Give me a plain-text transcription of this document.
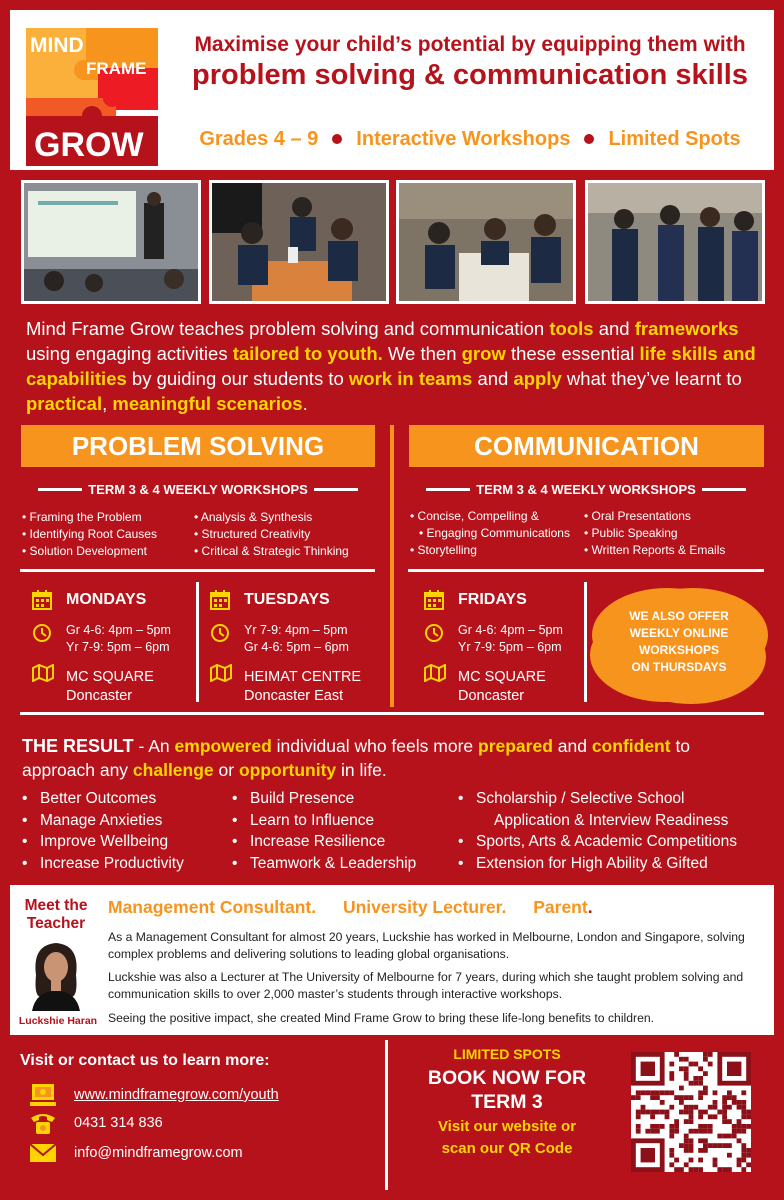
MIND
FRAME
GROW
Maximise your child’s potential by equipping them with
problem solving & communication skills
Grades 4 – 9 Interactive Workshops Limited Spots
Mind Frame Grow teaches problem solving and communication tools and frameworks using engaging activities tailored to youth. We then grow these essential life skills and capabilities by guiding our students to work in teams and apply what they’ve learnt to practical, meaningful scenarios.
PROBLEM SOLVING
TERM 3 & 4 WEEKLY WORKSHOPS
• Framing the Problem
• Identifying Root Causes
• Solution Development
• Analysis & Synthesis
• Structured Creativity
• Critical & Strategic Thinking
COMMUNICATION
TERM 3 & 4 WEEKLY WORKSHOPS
• Concise, Compelling &
• Engaging Communications
• Storytelling
• Oral Presentations
• Public Speaking
• Written Reports & Emails
MONDAYS
Gr 4-6: 4pm – 5pm
Yr 7-9: 5pm – 6pm
MC SQUARE
Doncaster
TUESDAYS
Yr 7-9: 4pm – 5pm
Gr 4-6: 5pm – 6pm
HEIMAT CENTRE
Doncaster East
FRIDAYS
Gr 4-6: 4pm – 5pm
Yr 7-9: 5pm – 6pm
MC SQUARE
Doncaster
WE ALSO OFFER
WEEKLY ONLINE
WORKSHOPS
ON THURSDAYS
THE RESULT - An empowered individual who feels more prepared and confident to approach any challenge or opportunity in life.
• Better Outcomes
• Manage Anxieties
• Improve Wellbeing
• Increase Productivity
• Build Presence
• Learn to Influence
• Increase Resilience
• Teamwork & Leadership
• Scholarship / Selective School
Application & Interview Readiness
• Sports, Arts & Academic Competitions
• Extension for High Ability & Gifted
Meet the Teacher
Luckshie Haran
Management Consultant. University Lecturer. Parent.
As a Management Consultant for almost 20 years, Luckshie has worked in Melbourne, London and Singapore, solving complex problems and delivering solutions to leading global organisations.
Luckshie was also a Lecturer at The University of Melbourne for 7 years, during which she taught problem solving and communication skills to over 2,000 master’s students through interactive workshops.
Seeing the positive impact, she created Mind Frame Grow to bring these life-long benefits to children.
Visit or contact us to learn more:
www.mindframegrow.com/youth
0431 314 836
info@mindframegrow.com
LIMITED SPOTS
BOOK NOW FOR
TERM 3
Visit our website or
scan our QR Code
